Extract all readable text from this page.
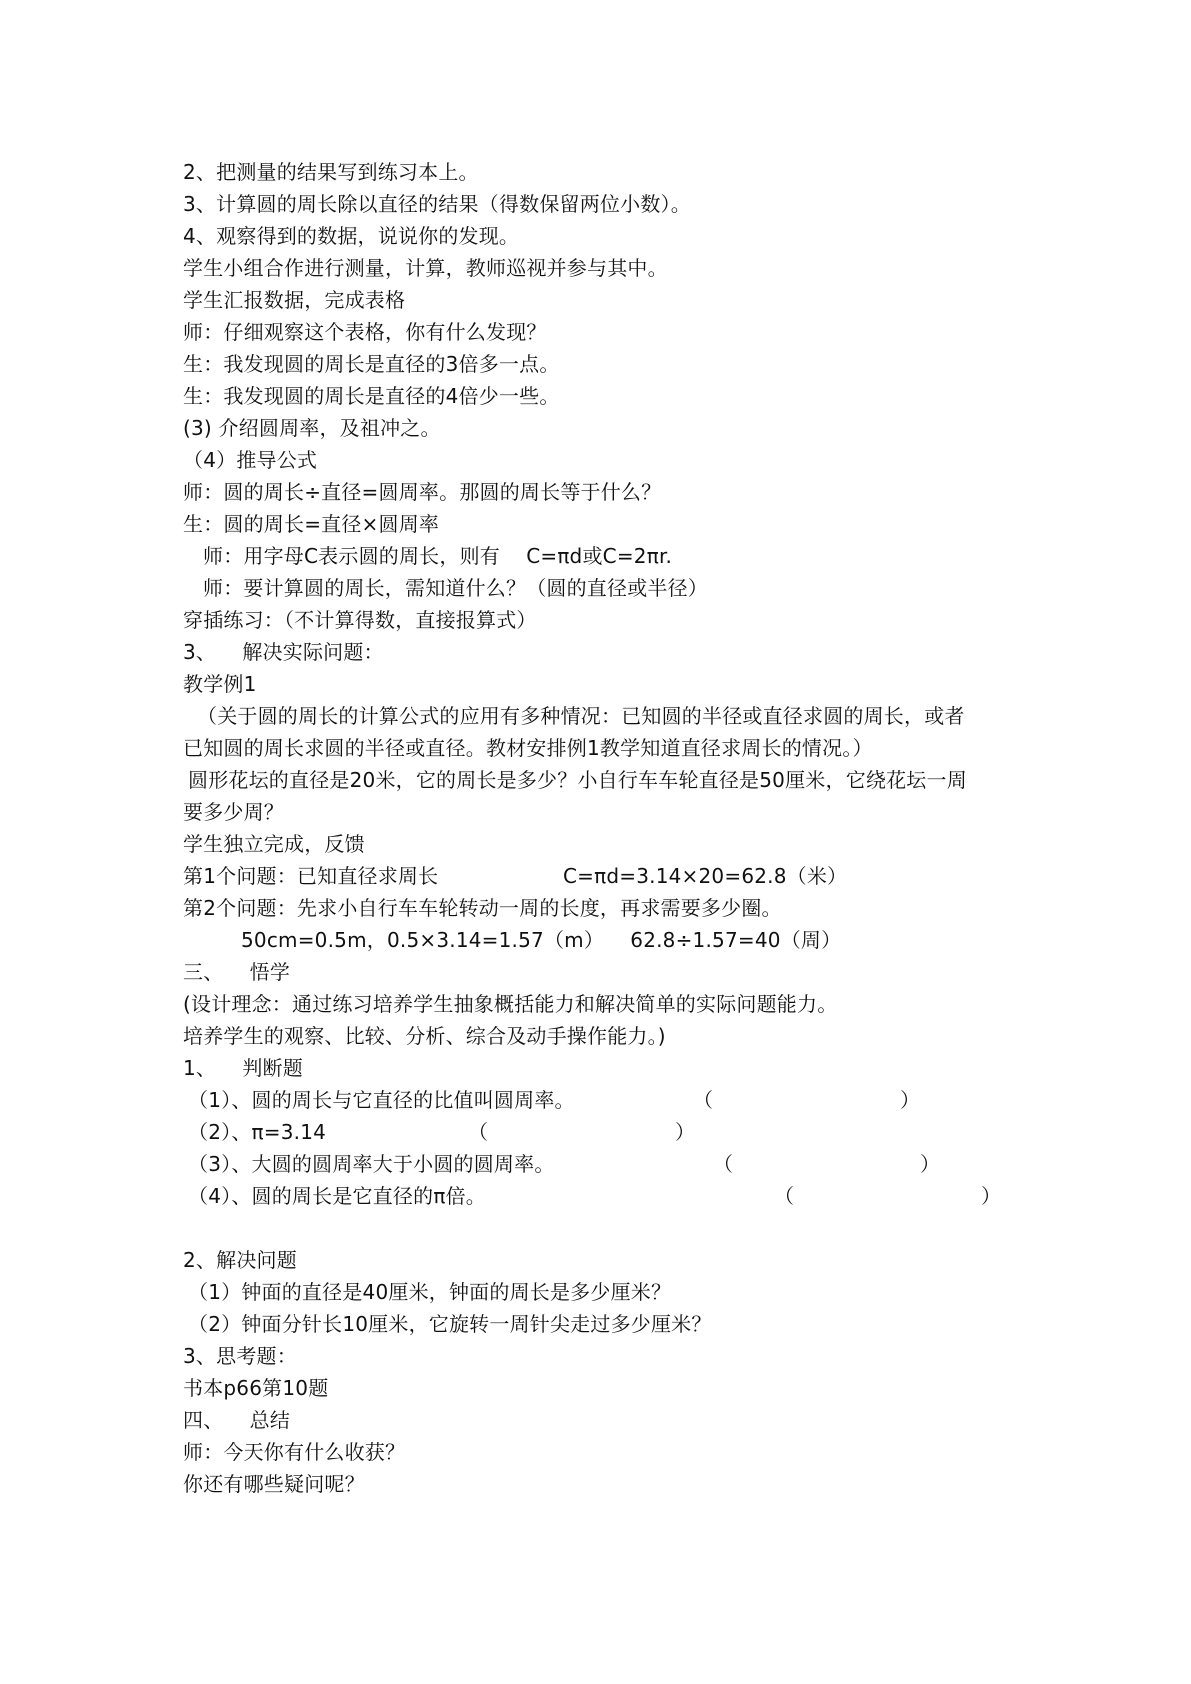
2、把测量的结果写到练习本上。
3、计算圆的周长除以直径的结果（得数保留两位小数）。
4、观察得到的数据，说说你的发现。
学生小组合作进行测量，计算，教师巡视并参与其中。
学生汇报数据，完成表格
师：仔细观察这个表格，你有什么发现？
生：我发现圆的周长是直径的3倍多一点。
生：我发现圆的周长是直径的4倍少一些。
(3) 介绍圆周率，及祖冲之。
（4）推导公式
师：圆的周长÷直径=圆周率。那圆的周长等于什么？
生：圆的周长=直径×圆周率
师：用字母C表示圆的周长，则有    C=πd或C=2πr.
师：要计算圆的周长，需知道什么？（圆的直径或半径）
穿插练习：（不计算得数，直接报算式）
3、    解决实际问题：
教学例1
（关于圆的周长的计算公式的应用有多种情况：已知圆的半径或直径求圆的周长，或者
已知圆的周长求圆的半径或直径。教材安排例1教学知道直径求周长的情况。）
圆形花坛的直径是20米，它的周长是多少？小自行车车轮直径是50厘米，它绕花坛一周
要多少周？
学生独立完成，反馈

第1个问题：已知直径求周长

	C=πd=3.14×20=62.8（米）

第2个问题：先求小自行车车轮转动一周的长度，再求需要多少圈。
50cm=0.5m，0.5×3.14=1.57（m）    62.8÷1.57=40（周）
三、    悟学
(设计理念：通过练习培养学生抽象概括能力和解决简单的实际问题能力。
培养学生的观察、比较、分析、综合及动手操作能力。)
1、    判断题

（1）、圆的周长与它直径的比值叫圆周率。

	（

	）

（2）、π=3.14

	（

	）

（3）、大圆的圆周率大于小圆的圆周率。

	（

	）

（4）、圆的周长是它直径的π倍。

	（

	）

2、解决问题
（1）钟面的直径是40厘米，钟面的周长是多少厘米？
（2）钟面分针长10厘米，它旋转一周针尖走过多少厘米？
3、思考题：
书本p66第10题
四、    总结
师：今天你有什么收获？
你还有哪些疑问呢？
